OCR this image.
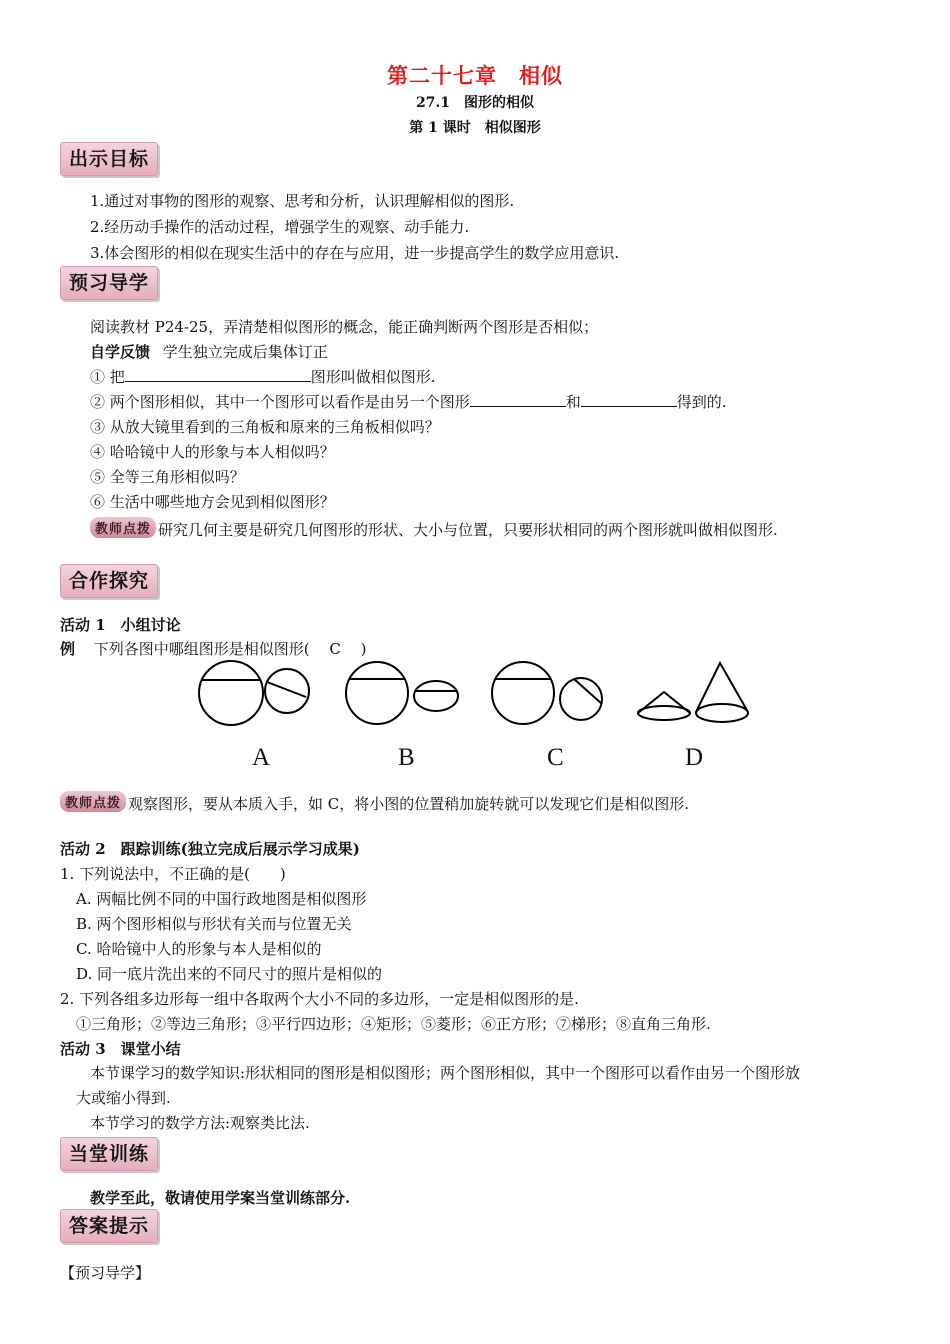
第二十七章　相似
27.1　图形的相似
第 1 课时　相似图形
出示目标
1.通过对事物的图形的观察、思考和分析，认识理解相似的图形.
2.经历动手操作的活动过程，增强学生的观察、动手能力.
3.体会图形的相似在现实生活中的存在与应用，进一步提高学生的数学应用意识.
预习导学
阅读教材 P24-25，弄清楚相似图形的概念，能正确判断两个图形是否相似；
自学反馈 学生独立完成后集体订正
① 把	图形叫做相似图形.
② 两个图形相似，其中一个图形可以看作是由另一个图形	和	得到的.
③ 从放大镜里看到的三角板和原来的三角板相似吗？
④ 哈哈镜中人的形象与本人相似吗？
⑤ 全等三角形相似吗？
⑥ 生活中哪些地方会见到相似图形？
教师点拨 研究几何主要是研究几何图形的形状、大小与位置，只要形状相同的两个图形就叫做相似图形.
合作探究
活动 1　小组讨论
例 下列各图中哪组图形是相似图形(　 C 　)
A	B	C	D
教师点拨 观察图形，要从本质入手，如 C，将小图的位置稍加旋转就可以发现它们是相似图形.
活动 2　跟踪训练(独立完成后展示学习成果)
1. 下列说法中，不正确的是(　　)
A. 两幅比例不同的中国行政地图是相似图形
B. 两个图形相似与形状有关而与位置无关
C. 哈哈镜中人的形象与本人是相似的
D. 同一底片洗出来的不同尺寸的照片是相似的
2. 下列各组多边形每一组中各取两个大小不同的多边形，一定是相似图形的是.
①三角形；②等边三角形；③平行四边形；④矩形；⑤菱形；⑥正方形；⑦梯形；⑧直角三角形.
活动 3　课堂小结
本节课学习的数学知识:形状相同的图形是相似图形；两个图形相似，其中一个图形可以看作由另一个图形放
大或缩小得到.
本节学习的数学方法:观察类比法.
当堂训练
教学至此，敬请使用学案当堂训练部分.
答案提示
【预习导学】
